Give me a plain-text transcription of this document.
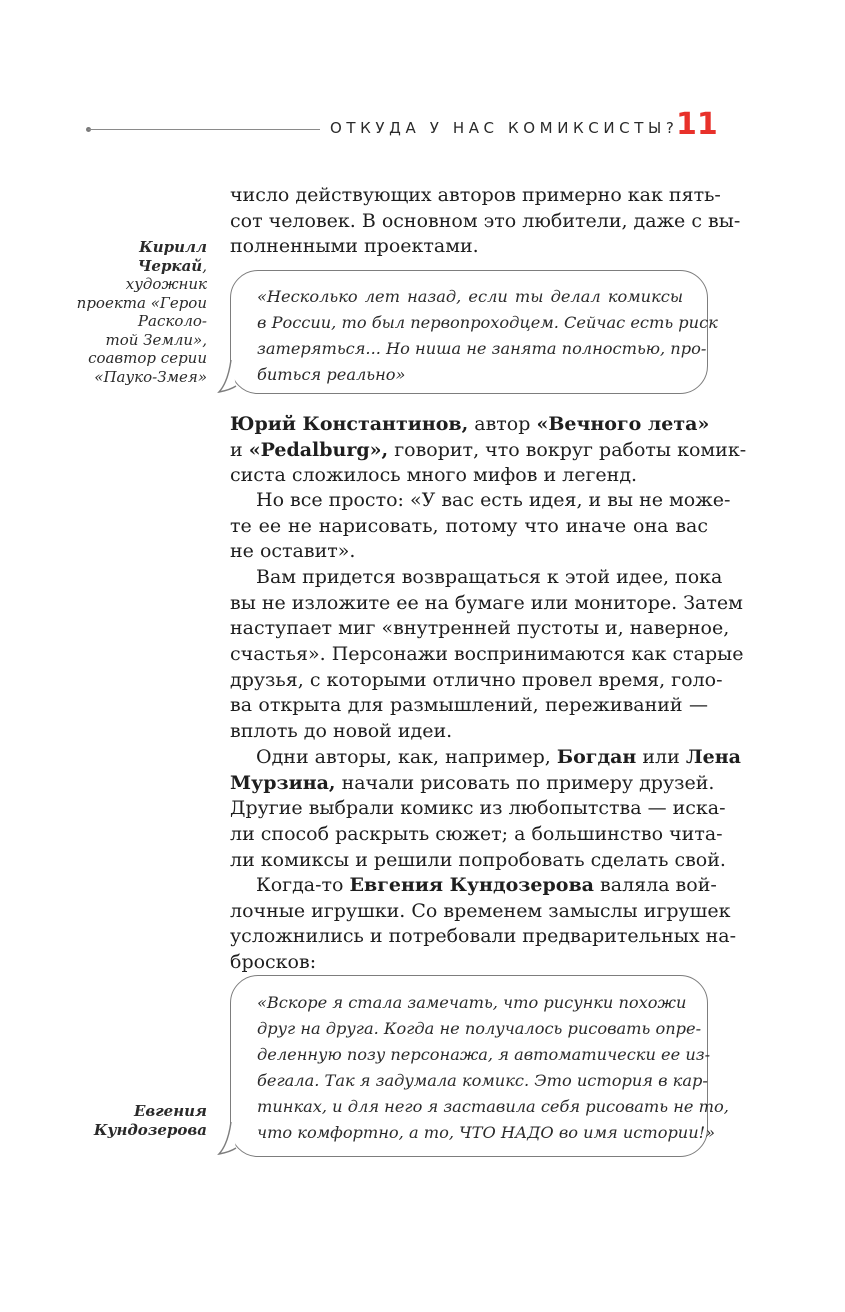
ОТКУДА У НАС КОМИКСИСТЫ?
11

число действующих авторов примерно как пять-
сот человек. В основном это любители, даже с вы-
полненными проектами.

Кирилл
Черкай,
художник
проекта «Герои
Расколо-
той Земли»,
соавтор серии
«Пауко-Змея»
«Несколько лет назад, если ты делал комиксы
в России, то был первопроходцем. Сейчас есть риск
затеряться... Но ниша не занята полностью, про-
биться реально»

Юрий Константинов, автор «Вечного лета»
и «Pedalburg», говорит, что вокруг работы комик-
систа сложилось много мифов и легенд.

Но все просто: «У вас есть идея, и вы не може-
те ее не нарисовать, потому что иначе она вас
не оставит».

Вам придется возвращаться к этой идее, пока
вы не изложите ее на бумаге или мониторе. Затем
наступает миг «внутренней пустоты и, наверное,
счастья». Персонажи воспринимаются как старые
друзья, с которыми отлично провел время, голо-
ва открыта для размышлений, переживаний —
вплоть до новой идеи.

Одни авторы, как, например, Богдан или Лена
Мурзина, начали рисовать по примеру друзей.
Другие выбрали комикс из любопытства — иска-
ли способ раскрыть сюжет; а большинство чита-
ли комиксы и решили попробовать сделать свой.

Когда-то Евгения Кундозерова валяла вой-
лочные игрушки. Со временем замыслы игрушек
усложнились и потребовали предварительных на-
бросков:

«Вскоре я стала замечать, что рисунки похожи
друг на друга. Когда не получалось рисовать опре-
деленную позу персонажа, я автоматически ее из-
бегала. Так я задумала комикс. Это история в кар-
тинках, и для него я заставила себя рисовать не то,
что комфортно, а то, ЧТО НАДО во имя истории!»
Евгения
Кундозерова
